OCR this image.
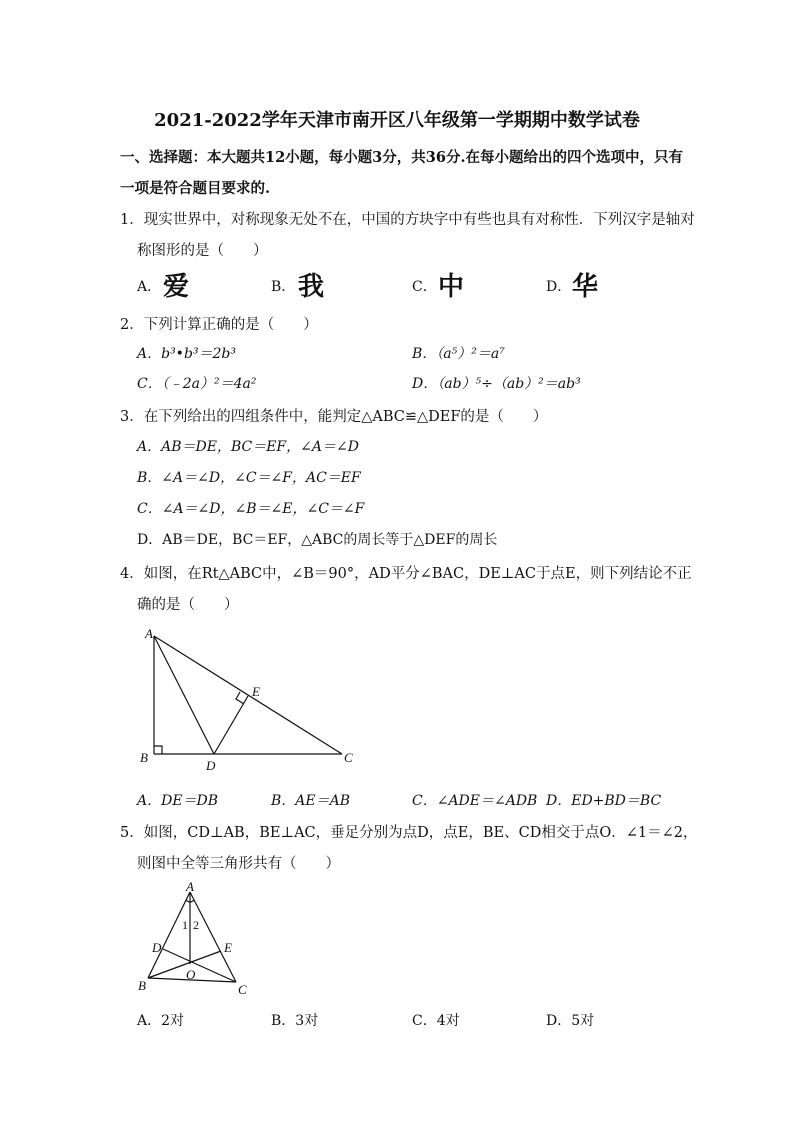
2021-2022学年天津市南开区八年级第一学期期中数学试卷
一、选择题：本大题共12小题，每小题3分，共36分.在每小题给出的四个选项中，只有
一项是符合题目要求的.
1．现实世界中，对称现象无处不在，中国的方块字中有些也具有对称性．下列汉字是轴对
称图形的是（　　）
A． 爱	B． 我	C． 中	D． 华
2．下列计算正确的是（　　）
A．b³•b³＝2b³	B．（a⁵）²＝a⁷
C．（﹣2a）²＝4a²	D．（ab）⁵÷（ab）²＝ab³
3．在下列给出的四组条件中，能判定△ABC≌△DEF的是（　　）
A．AB＝DE，BC＝EF，∠A＝∠D
B．∠A＝∠D，∠C＝∠F，AC＝EF
C．∠A＝∠D，∠B＝∠E，∠C＝∠F
D．AB＝DE，BC＝EF，△ABC的周长等于△DEF的周长
4．如图，在Rt△ABC中，∠B＝90°，AD平分∠BAC，DE⊥AC于点E，则下列结论不正
确的是（　　）
A
B	C
D
E
A．DE＝DB	B．AE＝AB	C．∠ADE＝∠ADB D．ED+BD＝BC
5．如图，CD⊥AB，BE⊥AC，垂足分别为点D，点E，BE、CD相交于点O．∠1＝∠2，
则图中全等三角形共有（　　）
A
B	C
D	E
O
1 2
A．2对	B．3对	C．4对	D．5对
